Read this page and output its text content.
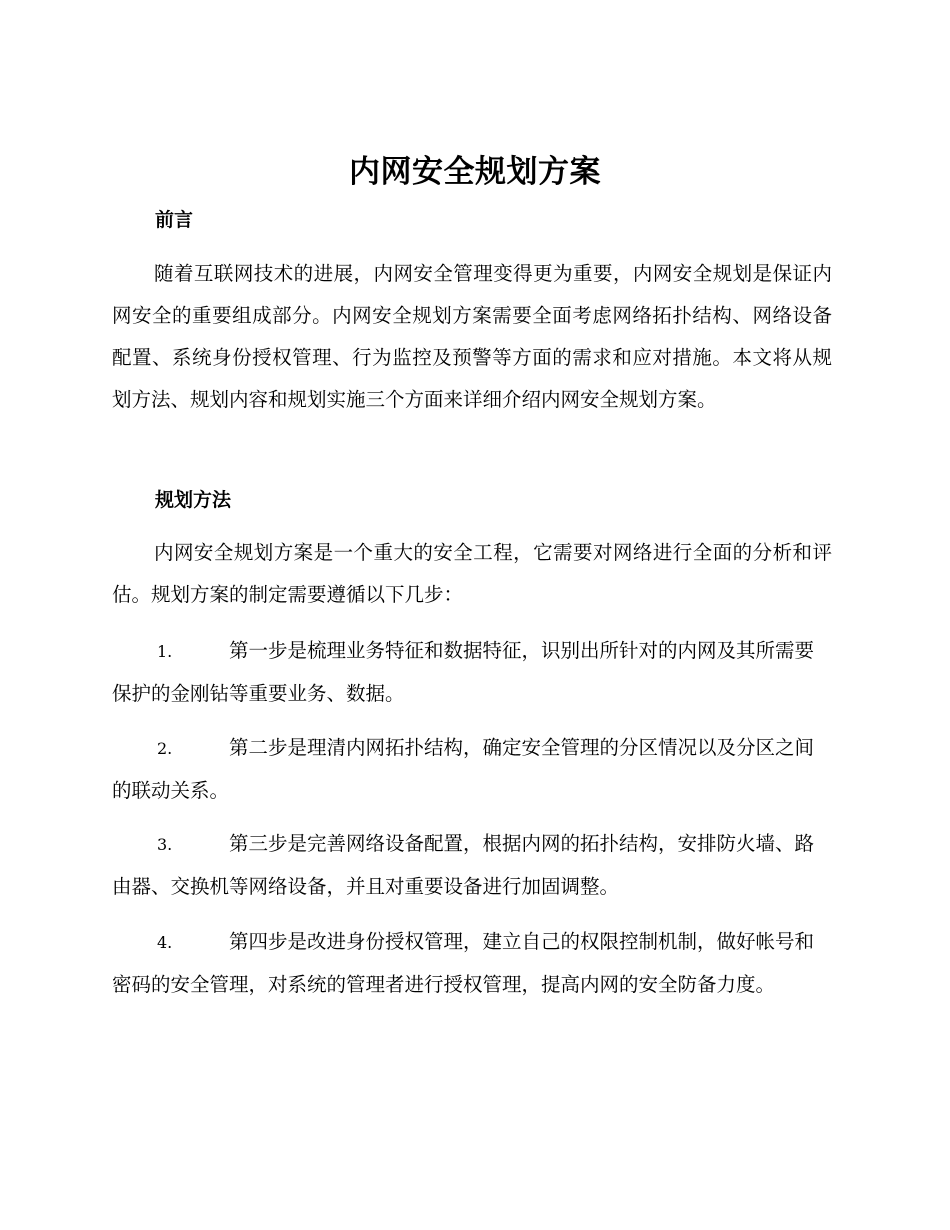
内网安全规划方案
前言

随着互联网技术的进展，内网安全管理变得更为重要，内网安全规划是保证内网安全的重要组成部分。内网安全规划方案需要全面考虑网络拓扑结构、网络设备配置、系统身份授权管理、行为监控及预警等方面的需求和应对措施。本文将从规划方法、规划内容和规划实施三个方面来详细介绍内网安全规划方案。

规划方法

内网安全规划方案是一个重大的安全工程，它需要对网络进行全面的分析和评估。规划方案的制定需要遵循以下几步：

1.	第一步是梳理业务特征和数据特征，识别出所针对的内网及其所需要保护的金刚钻等重要业务、数据。

2.	第二步是理清内网拓扑结构，确定安全管理的分区情况以及分区之间的联动关系。

3.	第三步是完善网络设备配置，根据内网的拓扑结构，安排防火墙、路由器、交换机等网络设备，并且对重要设备进行加固调整。

4.	第四步是改进身份授权管理，建立自己的权限控制机制，做好帐号和密码的安全管理，对系统的管理者进行授权管理，提高内网的安全防备力度。
